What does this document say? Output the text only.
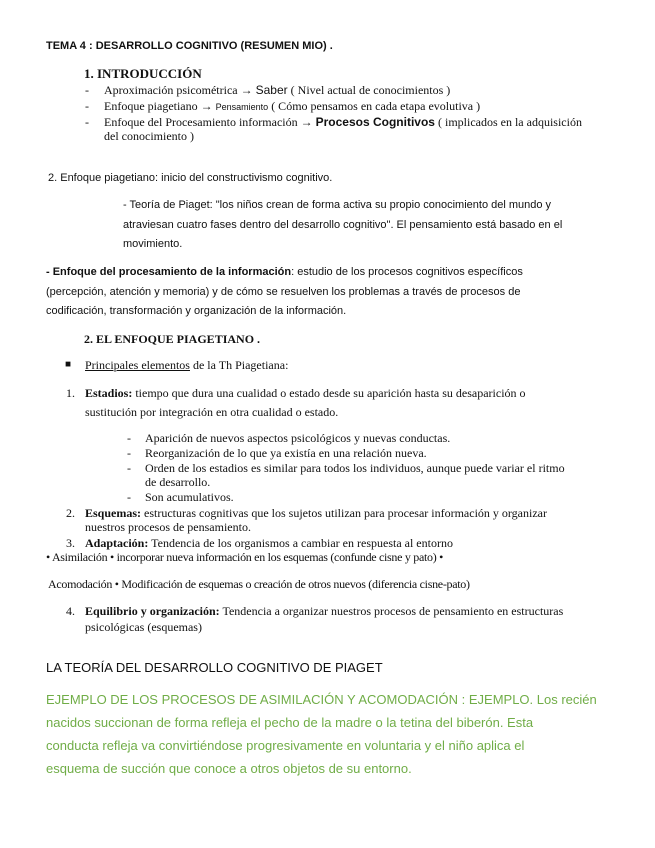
TEMA 4 : DESARROLLO COGNITIVO (RESUMEN MIO) .
1. INTRODUCCIÓN
- Aproximación psicométrica → Saber ( Nivel actual de conocimientos )
- Enfoque piagetiano → Pensamiento ( Cómo pensamos en cada etapa evolutiva )
- Enfoque del Procesamiento información → Procesos Cognitivos ( implicados en la adquisición
del conocimiento )
2. Enfoque piagetiano: inicio del constructivismo cognitivo.
- Teoría de Piaget: "los niños crean de forma activa su propio conocimiento del mundo y
atraviesan cuatro fases dentro del desarrollo cognitivo". El pensamiento está basado en el
movimiento.
- Enfoque del procesamiento de la información: estudio de los procesos cognitivos específicos
(percepción, atención y memoria) y de cómo se resuelven los problemas a través de procesos de
codificación, transformación y organización de la información.
2. EL ENFOQUE PIAGETIANO .
■ Principales elementos de la Th Piagetiana:
1. Estadios: tiempo que dura una cualidad o estado desde su aparición hasta su desaparición o
sustitución por integración en otra cualidad o estado.
- Aparición de nuevos aspectos psicológicos y nuevas conductas.
- Reorganización de lo que ya existía en una relación nueva.
- Orden de los estadios es similar para todos los individuos, aunque puede variar el ritmo
de desarrollo.
- Son acumulativos.
2. Esquemas: estructuras cognitivas que los sujetos utilizan para procesar información y organizar
nuestros procesos de pensamiento.
3. Adaptación: Tendencia de los organismos a cambiar en respuesta al entorno
• Asimilación • incorporar nueva información en los esquemas (confunde cisne y pato) •
Acomodación • Modificación de esquemas o creación de otros nuevos (diferencia cisne-pato)
4. Equilibrio y organización: Tendencia a organizar nuestros procesos de pensamiento en estructuras
psicológicas (esquemas)
LA TEORÍA DEL DESARROLLO COGNITIVO DE PIAGET
EJEMPLO DE LOS PROCESOS DE ASIMILACIÓN Y ACOMODACIÓN : EJEMPLO. Los recién
nacidos succionan de forma refleja el pecho de la madre o la tetina del biberón. Esta
conducta refleja va convirtiéndose progresivamente en voluntaria y el niño aplica el
esquema de succión que conoce a otros objetos de su entorno.
